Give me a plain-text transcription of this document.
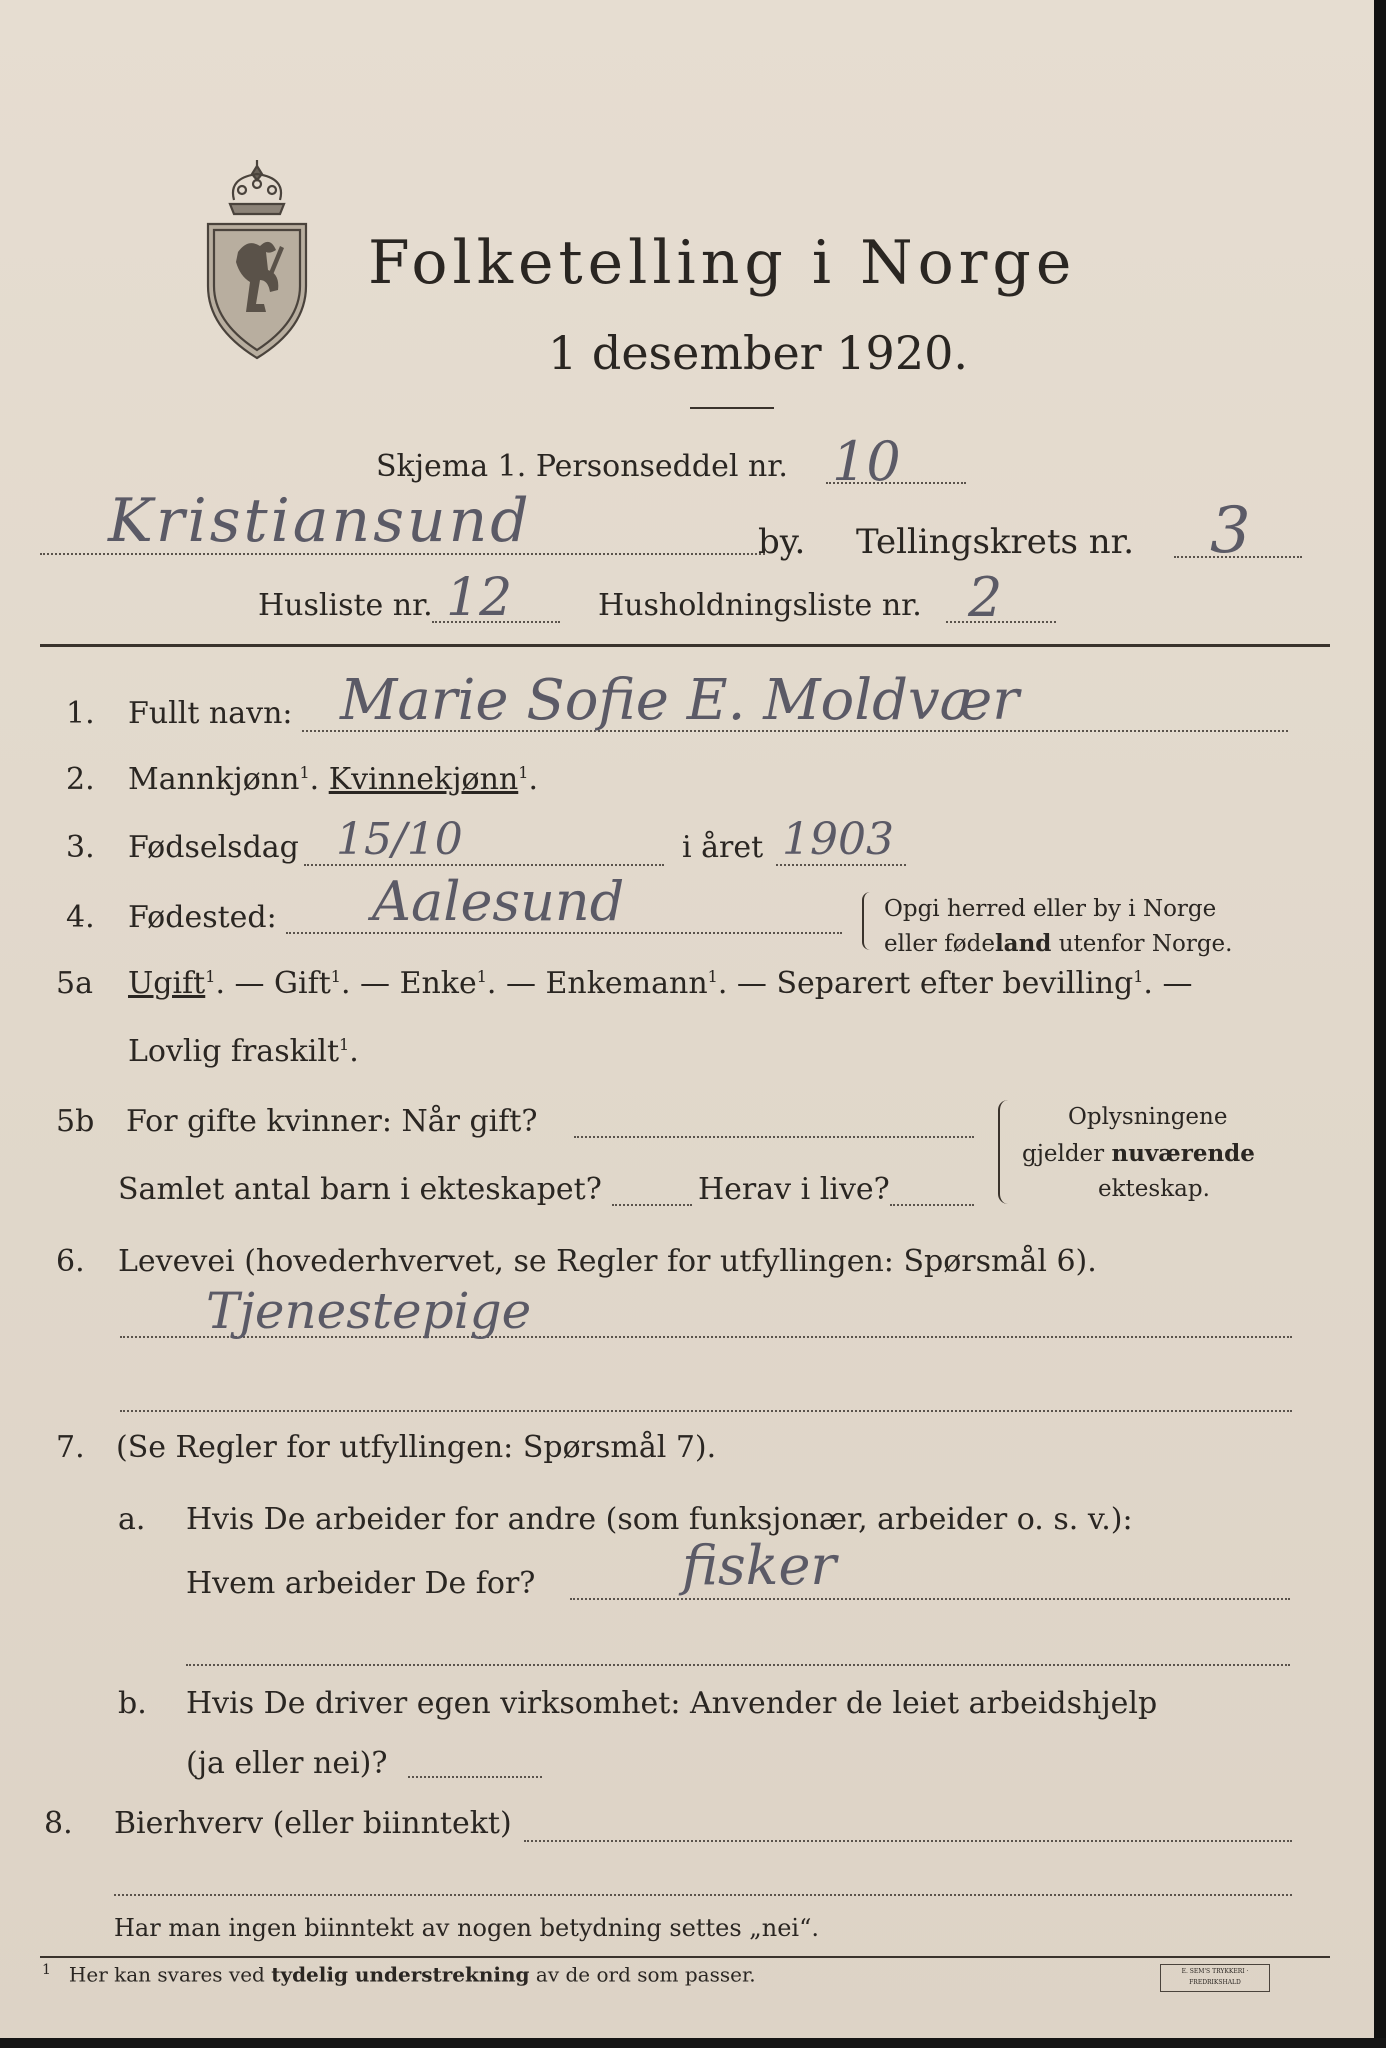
Folketelling i Norge
1 desember 1920.
Skjema 1. Personseddel nr. 10
Kristiansund	by. Tellingskrets nr. 3
Husliste nr. 12	Husholdningsliste nr. 2
1. Fullt navn: Marie Sofie E. Moldvær
2. Mannkjønn$^1$. Kvinnekjønn$^1$.
3. Fødselsdag 15/10	i året 1903
4. Fødested: Aalesund	Opgi herred eller by i Norge
eller fødeland utenfor Norge.
5a Ugift$^1$. — Gift$^1$. — Enke$^1$. — Enkemann$^1$. — Separert efter bevilling$^1$. —
Lovlig fraskilt$^1$.
5b For gifte kvinner: Når gift?
Samlet antal barn i ekteskapet?	Herav i live?
Oplysningene
gjelder nuværende
ekteskap.
6. Levevei (hovederhvervet, se Regler for utfyllingen: Spørsmål 6).
Tjenestepige
7. (Se Regler for utfyllingen: Spørsmål 7).
a. Hvis De arbeider for andre (som funksjonær, arbeider o. s. v.):
Hvem arbeider De for?	fisker
b. Hvis De driver egen virksomhet: Anvender de leiet arbeidshjelp
(ja eller nei)?
8. Bierhverv (eller biinntekt)
Har man ingen biinntekt av nogen betydning settes „nei“.
$^1$ Her kan svares ved tydelig understrekning av de ord som passer.	E. SEM'S TRYKKERI · FREDRIKSHALD
